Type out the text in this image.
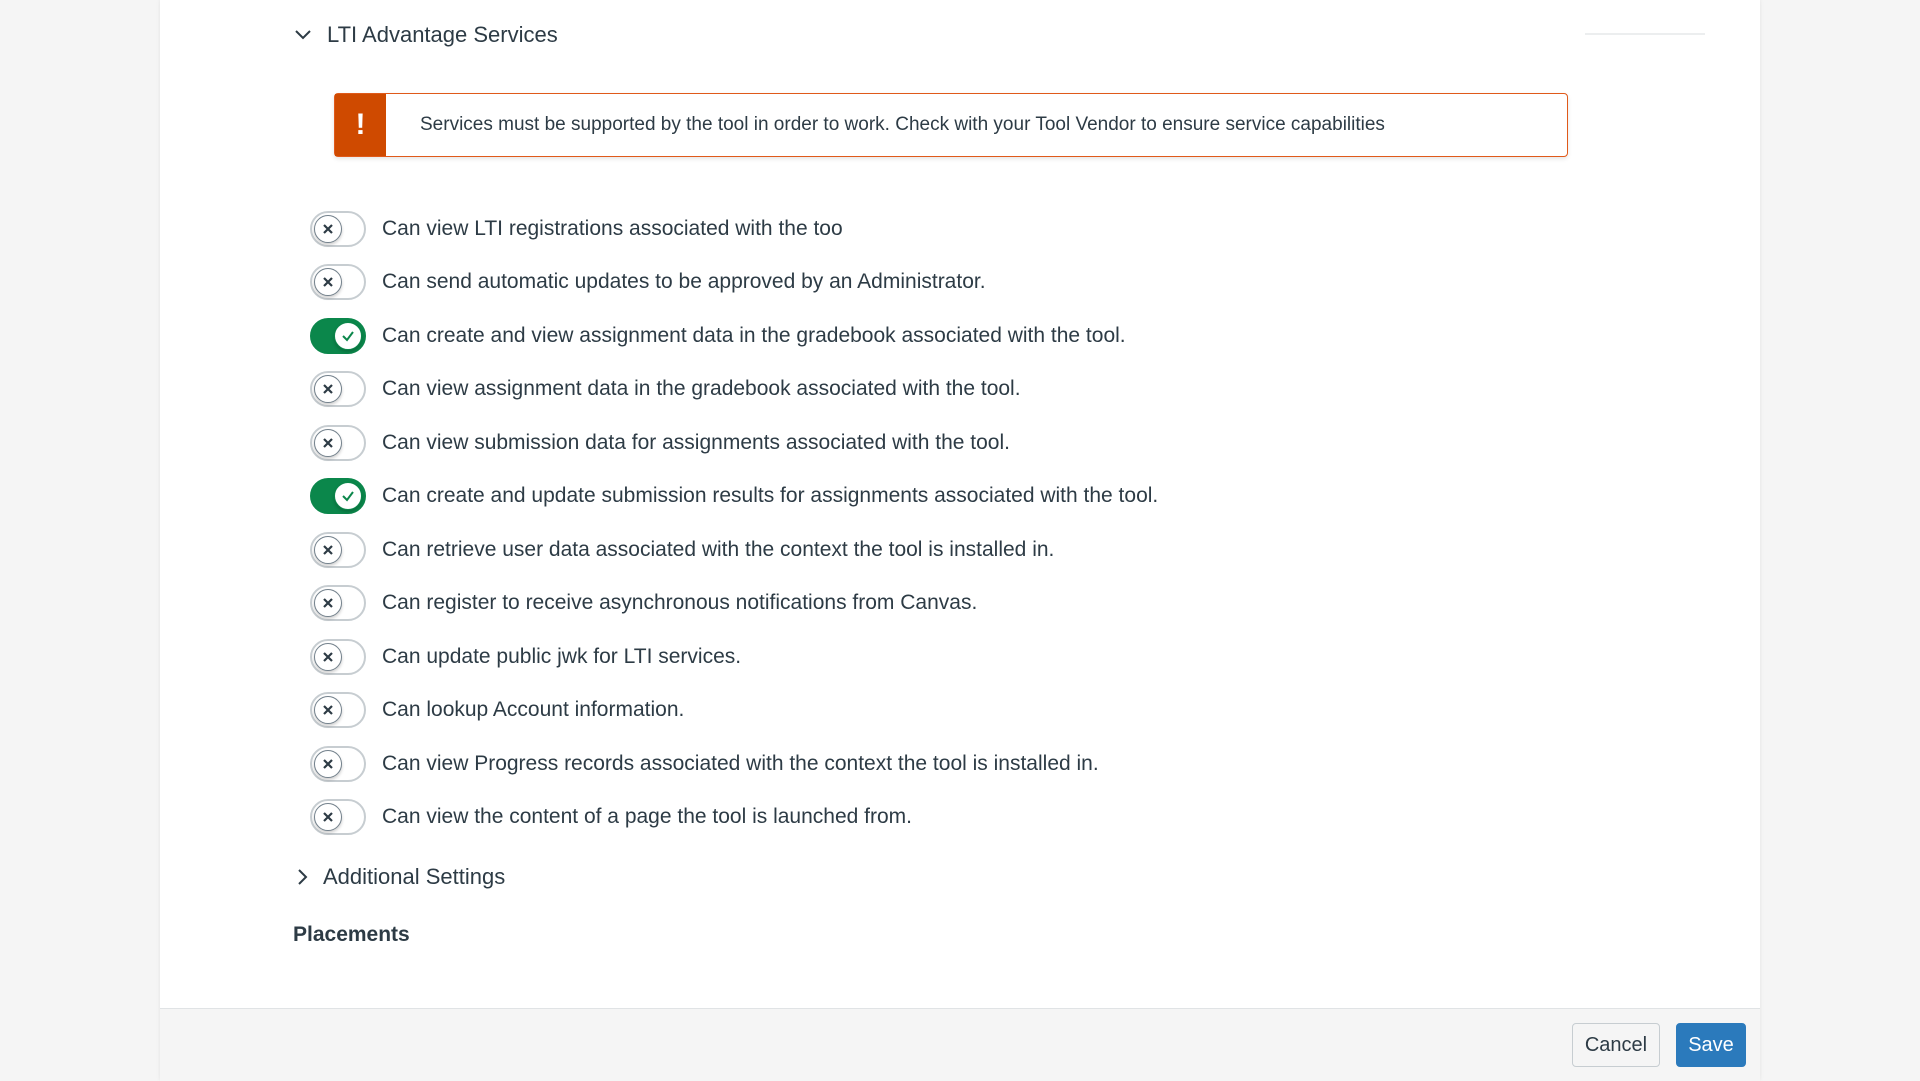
LTI Advantage Services
!	Services must be supported by the tool in order to work. Check with your Tool Vendor to ensure service capabilities
Can view LTI registrations associated with the too
Can send automatic updates to be approved by an Administrator.
Can create and view assignment data in the gradebook associated with the tool.
Can view assignment data in the gradebook associated with the tool.
Can view submission data for assignments associated with the tool.
Can create and update submission results for assignments associated with the tool.
Can retrieve user data associated with the context the tool is installed in.
Can register to receive asynchronous notifications from Canvas.
Can update public jwk for LTI services.
Can lookup Account information.
Can view Progress records associated with the context the tool is installed in.
Can view the content of a page the tool is launched from.
Additional Settings
Placements
Cancel	Save
